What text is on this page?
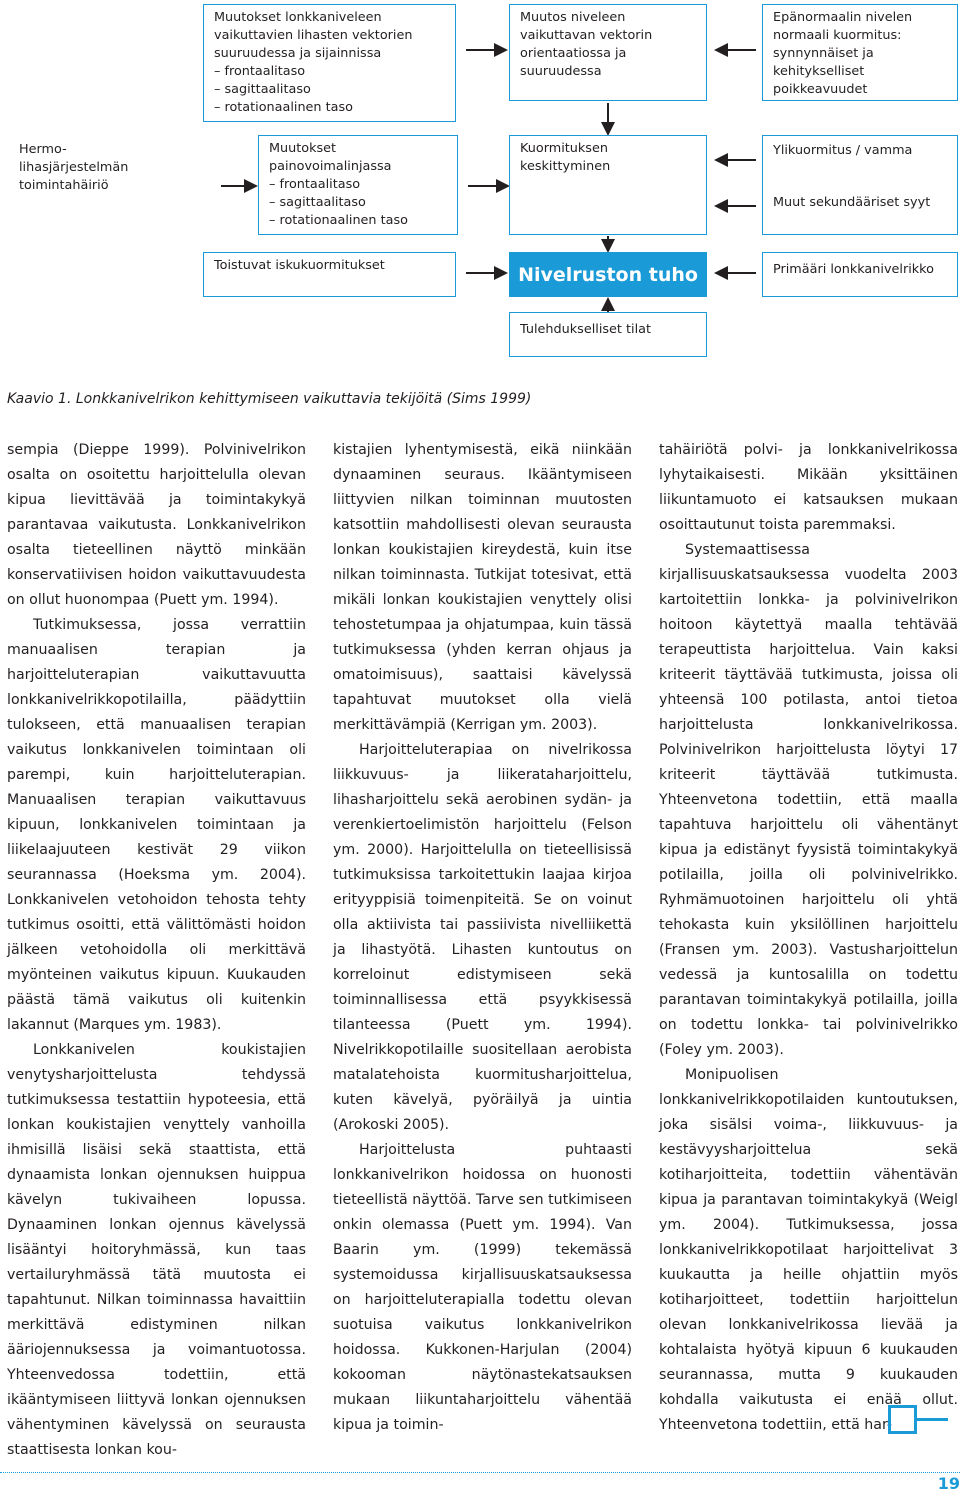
Muutokset lonkkaniveleen
vaikuttavien lihasten vektorien
suuruudessa ja sijainnissa
– frontaalitaso
– sagittaalitaso
– rotationaalinen taso
Muutos niveleen
vaikuttavan vektorin
orientaatiossa ja
suuruudessa
Epänormaalin nivelen
normaali kuormitus:
synnynnäiset ja
kehitykselliset
poikkeavuudet
Hermo-
lihasjärjestelmän
toimintahäiriö
Muutokset
painovoimalinjassa
– frontaalitaso
– sagittaalitaso
– rotationaalinen taso
Kuormituksen
keskittyminen
Ylikuormitus / vamma
Muut sekundääriset syyt
Toistuvat iskukuormitukset	Nivelruston tuho	Primääri lonkkanivelrikko
Tulehdukselliset tilat
Kaavio 1. Lonkkanivelrikon kehittymiseen vaikuttavia tekijöitä (Sims 1999)

sempia (Dieppe 1999). Polvinivelrikon osalta on osoitettu harjoittelulla olevan kipua lievittävää ja toimintakykyä parantavaa vaikutusta. Lonkkanivelrikon osalta tieteellinen näyttö minkään konservatiivisen hoidon vaikuttavuudesta on ollut huonompaa (Puett ym. 1994).

Tutkimuksessa, jossa verrattiin manuaalisen terapian ja harjoitteluterapian vaikuttavuutta lonkkanivelrikkopotilailla, päädyttiin tulokseen, että manuaalisen terapian vaikutus lonkkanivelen toimintaan oli parempi, kuin harjoitteluterapian. Manuaalisen terapian vaikuttavuus kipuun, lonkkanivelen toimintaan ja liikelaajuuteen kestivät 29 viikon seurannassa (Hoeksma ym. 2004). Lonkkanivelen vetohoidon tehosta tehty tutkimus osoitti, että välittömästi hoidon jälkeen vetohoidolla oli merkittävä myönteinen vaikutus kipuun. Kuukauden päästä tämä vaikutus oli kuitenkin lakannut (Marques ym. 1983).

Lonkkanivelen koukistajien venytysharjoittelusta tehdyssä tutkimuksessa testattiin hypoteesia, että lonkan koukistajien venyttely vanhoilla ihmisillä lisäisi sekä staattista, että dynaamista lonkan ojennuksen huippua kävelyn tukivaiheen lopussa. Dynaaminen lonkan ojennus kävelyssä lisääntyi hoitoryhmässä, kun taas vertailuryhmässä tätä muutosta ei tapahtunut. Nilkan toiminnassa havaittiin merkittävä edistyminen nilkan ääriojennuksessa ja voimantuotossa. Yhteenvedossa todettiin, että ikääntymiseen liittyvä lonkan ojennuksen vähentyminen kävelyssä on seurausta staattisesta lonkan kou-

kistajien lyhentymisestä, eikä niinkään dynaaminen seuraus. Ikääntymiseen liittyvien nilkan toiminnan muutosten katsottiin mahdollisesti olevan seurausta lonkan koukistajien kireydestä, kuin itse nilkan toiminnasta. Tutkijat totesivat, että mikäli lonkan koukistajien venyttely olisi tehostetumpaa ja ohjatumpaa, kuin tässä tutkimuksessa (yhden kerran ohjaus ja omatoimisuus), saattaisi kävelyssä tapahtuvat muutokset olla vielä merkittävämpiä (Kerrigan ym. 2003).

Harjoitteluterapiaa on nivelrikossa liikkuvuus- ja liikerataharjoittelu, lihasharjoittelu sekä aerobinen sydän- ja verenkiertoelimistön harjoittelu (Felson ym. 2000). Harjoittelulla on tieteellisissä tutkimuksissa tarkoitettukin laajaa kirjoa erityyppisiä toimenpiteitä. Se on voinut olla aktiivista tai passiivista nivelliikettä ja lihastyötä. Lihasten kuntoutus on korreloinut edistymiseen sekä toiminnallisessa että psyykkisessä tilanteessa (Puett ym. 1994). Nivelrikkopotilaille suositellaan aerobista matalatehoista kuormitusharjoittelua, kuten kävelyä, pyöräilyä ja uintia (Arokoski 2005).

Harjoittelusta puhtaasti lonkkanivelrikon hoidossa on huonosti tieteellistä näyttöä. Tarve sen tutkimiseen onkin olemassa (Puett ym. 1994). Van Baarin ym. (1999) tekemässä systemoidussa kirjallisuuskatsauksessa on harjoitteluterapialla todettu olevan suotuisa vaikutus lonkkanivelrikon hoidossa. Kukkonen-Harjulan (2004) kokooman näytönastekatsauksen mukaan liikuntaharjoittelu vähentää kipua ja toimin-

tahäiriötä polvi- ja lonkkanivelrikossa lyhytaikaisesti. Mikään yksittäinen liikuntamuoto ei katsauksen mukaan osoittautunut toista paremmaksi.

Systemaattisessa kirjallisuuskatsauksessa vuodelta 2003 kartoitettiin lonkka- ja polvinivelrikon hoitoon käytettyä maalla tehtävää terapeuttista harjoittelua. Vain kaksi kriteerit täyttävää tutkimusta, joissa oli yhteensä 100 potilasta, antoi tietoa harjoittelusta lonkkanivelrikossa. Polvinivelrikon harjoittelusta löytyi 17 kriteerit täyttävää tutkimusta. Yhteenvetona todettiin, että maalla tapahtuva harjoittelu oli vähentänyt kipua ja edistänyt fyysistä toimintakykyä potilailla, joilla oli polvinivelrikko. Ryhmämuotoinen harjoittelu oli yhtä tehokasta kuin yksilöllinen harjoittelu (Fransen ym. 2003). Vastusharjoittelun vedessä ja kuntosalilla on todettu parantavan toimintakykyä potilailla, joilla on todettu lonkka- tai polvinivelrikko (Foley ym. 2003).

Monipuolisen lonkkanivelrikkopotilaiden kuntoutuksen, joka sisälsi voima-, liikkuvuus- ja kestävyysharjoittelua sekä kotiharjoitteita, todettiin vähentävän kipua ja parantavan toimintakykyä (Weigl ym. 2004). Tutkimuksessa, jossa lonkkanivelrikkopotilaat harjoittelivat 3 kuukautta ja heille ohjattiin myös kotiharjoitteet, todettiin harjoittelun olevan lonkkanivelrikossa lievää ja kohtalaista hyötyä kipuun 6 kuukauden seurannassa, mutta 9 kuukauden kohdalla vaikutusta ei enää ollut. Yhteenvetona todettiin, että har-

19
